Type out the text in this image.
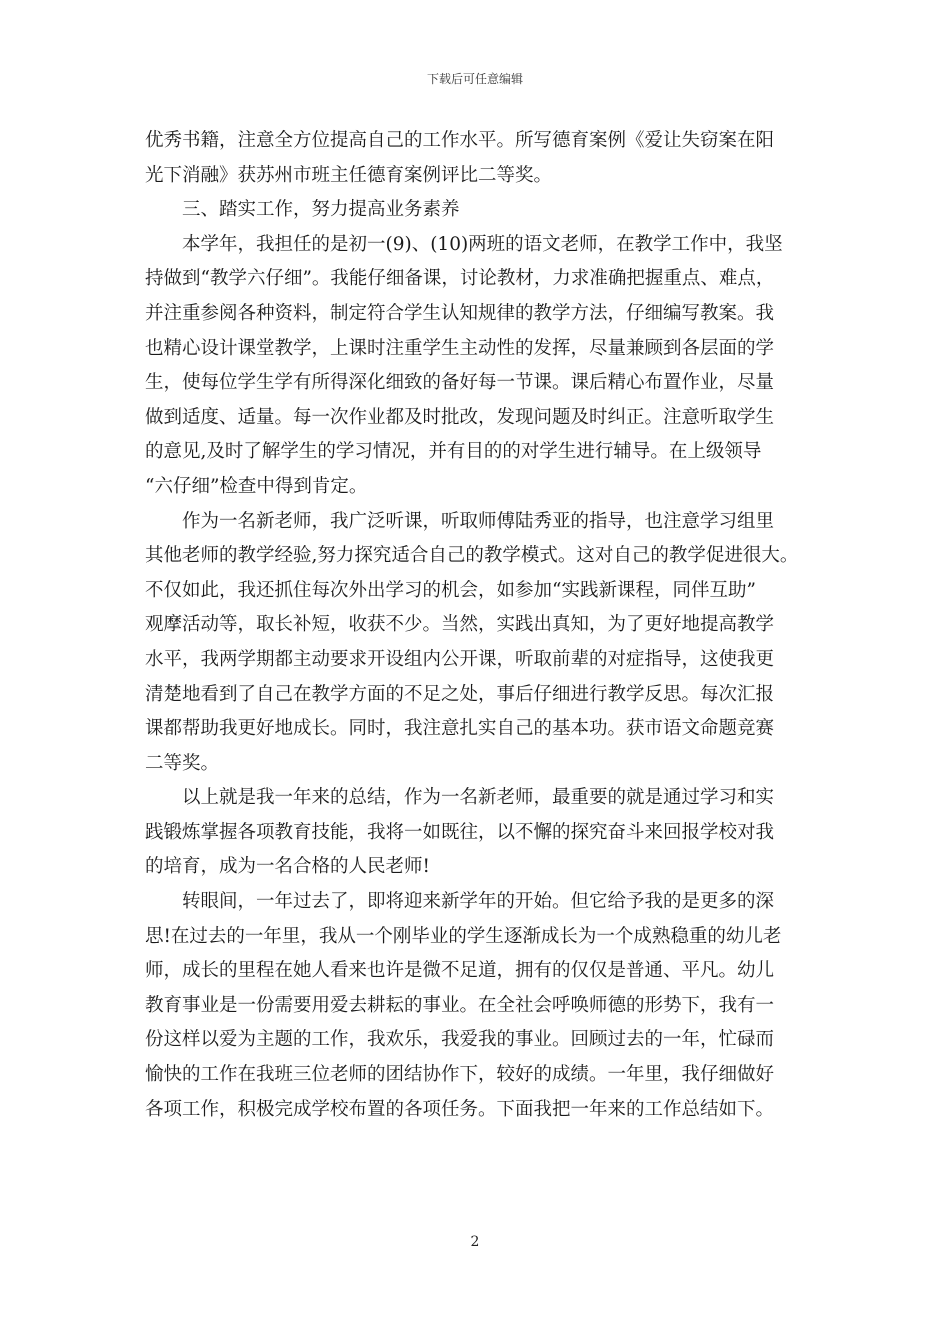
下载后可任意编辑
优秀书籍，注意全方位提高自己的工作水平。所写德育案例《爱让失窃案在阳
光下消融》获苏州市班主任德育案例评比二等奖。
三、踏实工作，努力提高业务素养
本学年，我担任的是初一(9)、(10)两班的语文老师，在教学工作中，我坚
持做到“教学六仔细”。我能仔细备课，讨论教材，力求准确把握重点、难点，
并注重参阅各种资料，制定符合学生认知规律的教学方法，仔细编写教案。我
也精心设计课堂教学，上课时注重学生主动性的发挥，尽量兼顾到各层面的学
生，使每位学生学有所得深化细致的备好每一节课。课后精心布置作业，尽量
做到适度、适量。每一次作业都及时批改，发现问题及时纠正。注意听取学生
的意见,及时了解学生的学习情况，并有目的的对学生进行辅导。在上级领导
“六仔细”检查中得到肯定。
作为一名新老师，我广泛听课，听取师傅陆秀亚的指导，也注意学习组里
其他老师的教学经验,努力探究适合自己的教学模式。这对自己的教学促进很大。
不仅如此，我还抓住每次外出学习的机会，如参加“实践新课程，同伴互助”
观摩活动等，取长补短，收获不少。当然，实践出真知，为了更好地提高教学
水平，我两学期都主动要求开设组内公开课，听取前辈的对症指导，这使我更
清楚地看到了自己在教学方面的不足之处，事后仔细进行教学反思。每次汇报
课都帮助我更好地成长。同时，我注意扎实自己的基本功。获市语文命题竞赛
二等奖。
以上就是我一年来的总结，作为一名新老师，最重要的就是通过学习和实
践锻炼掌握各项教育技能，我将一如既往，以不懈的探究奋斗来回报学校对我
的培育，成为一名合格的人民老师!
转眼间，一年过去了，即将迎来新学年的开始。但它给予我的是更多的深
思!在过去的一年里，我从一个刚毕业的学生逐渐成长为一个成熟稳重的幼儿老
师，成长的里程在她人看来也许是微不足道，拥有的仅仅是普通、平凡。幼儿
教育事业是一份需要用爱去耕耘的事业。在全社会呼唤师德的形势下，我有一
份这样以爱为主题的工作，我欢乐，我爱我的事业。回顾过去的一年，忙碌而
愉快的工作在我班三位老师的团结协作下，较好的成绩。一年里，我仔细做好
各项工作，积极完成学校布置的各项任务。下面我把一年来的工作总结如下。
2
